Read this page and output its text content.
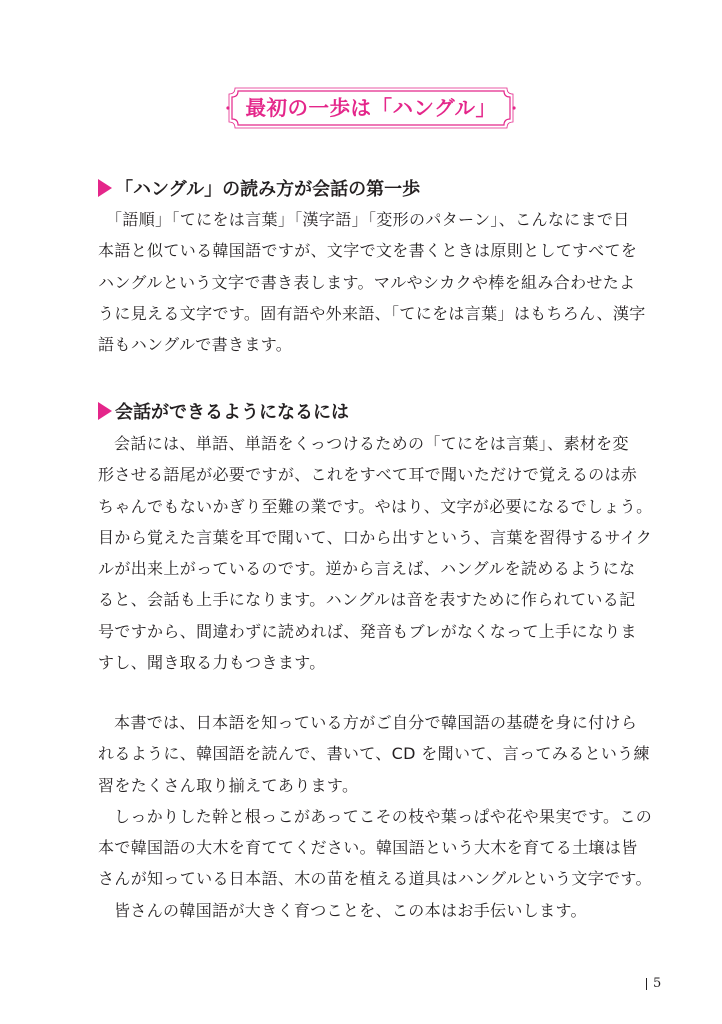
最初の一歩は「ハングル」
「ハングル」の読み方が会話の第一歩

「語順」「てにをは言葉」「漢字語」「変形のパターン」、こんなにまで日
本語と似ている韓国語ですが、文字で文を書くときは原則としてすべてを
ハングルという文字で書き表します。マルやシカクや棒を組み合わせたよ
うに見える文字です。固有語や外来語、「てにをは言葉」はもちろん、漢字
語もハングルで書きます。

会話ができるようになるには

会話には、単語、単語をくっつけるための「てにをは言葉」、素材を変
形させる語尾が必要ですが、これをすべて耳で聞いただけで覚えるのは赤
ちゃんでもないかぎり至難の業です。やはり、文字が必要になるでしょう。
目から覚えた言葉を耳で聞いて、口から出すという、言葉を習得するサイク
ルが出来上がっているのです。逆から言えば、ハングルを読めるようにな
ると、会話も上手になります。ハングルは音を表すために作られている記
号ですから、間違わずに読めれば、発音もブレがなくなって上手になりま
すし、聞き取る力もつきます。

本書では、日本語を知っている方がご自分で韓国語の基礎を身に付けら
れるように、韓国語を読んで、書いて、CD を聞いて、言ってみるという練
習をたくさん取り揃えてあります。
しっかりした幹と根っこがあってこその枝や葉っぱや花や果実です。この
本で韓国語の大木を育ててください。韓国語という大木を育てる土壌は皆
さんが知っている日本語、木の苗を植える道具はハングルという文字です。
皆さんの韓国語が大きく育つことを、この本はお手伝いします。

5
